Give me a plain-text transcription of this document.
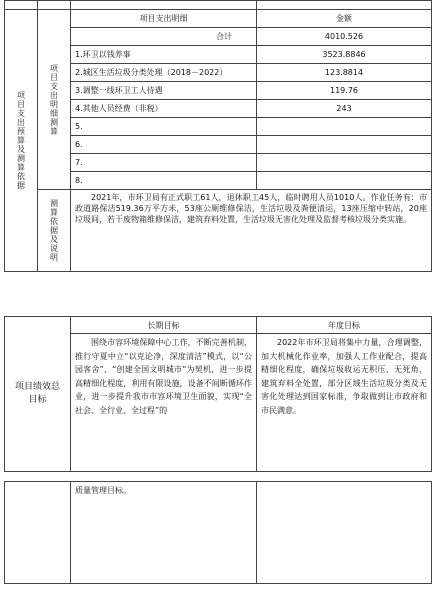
项目支出预算及测算依据	项目支出明细测算	项目支出明细	金额
		合计	4010.526
		1.环卫以钱养事	3523.8846
		2.城区生活垃圾分类处理（2018－2022）	123.8814
		3.调整一线环卫工人待遇	119.76
		4.其他人员经费（非税）	243
		5.	
		6.	
		7.	
		8.	
	测算依据及说明	2021年，市环卫局有正式职工61人，退休职工45人，临时聘用人员1010人。作业任务有：市政道路保洁519.36万平方米，53座公厕维修保洁，生活垃圾及粪便清运，13座压缩中转站，20座垃圾间，若干废物箱维修保洁，建筑弃料处置，生活垃圾无害化处理及监督考核垃圾分类实施。	
项目绩效总目标	长期目标	年度目标
	围绕市容环境保障中心工作，不断完善机制，推行守夏中立“以克论净，深度清洁”模式，以“公园客舍”、“创建全国文明城市”为契机，进一步提高精细化程度，利用有限设施，设备不间断循环作业，进一步提升我市市容环境卫生面貌，实现“全社会、全行业、全过程”的	2022年市环卫局将集中力量，合理调整，加大机械化作业率，加强人工作业配合，提高精细化程度，确保垃圾收运无积压、无死角，建筑弃料全处置，部分区域生活垃圾分类及无害化处理达到国家标准，争取做到让市政府和市民满意。
	质量管理目标。	
